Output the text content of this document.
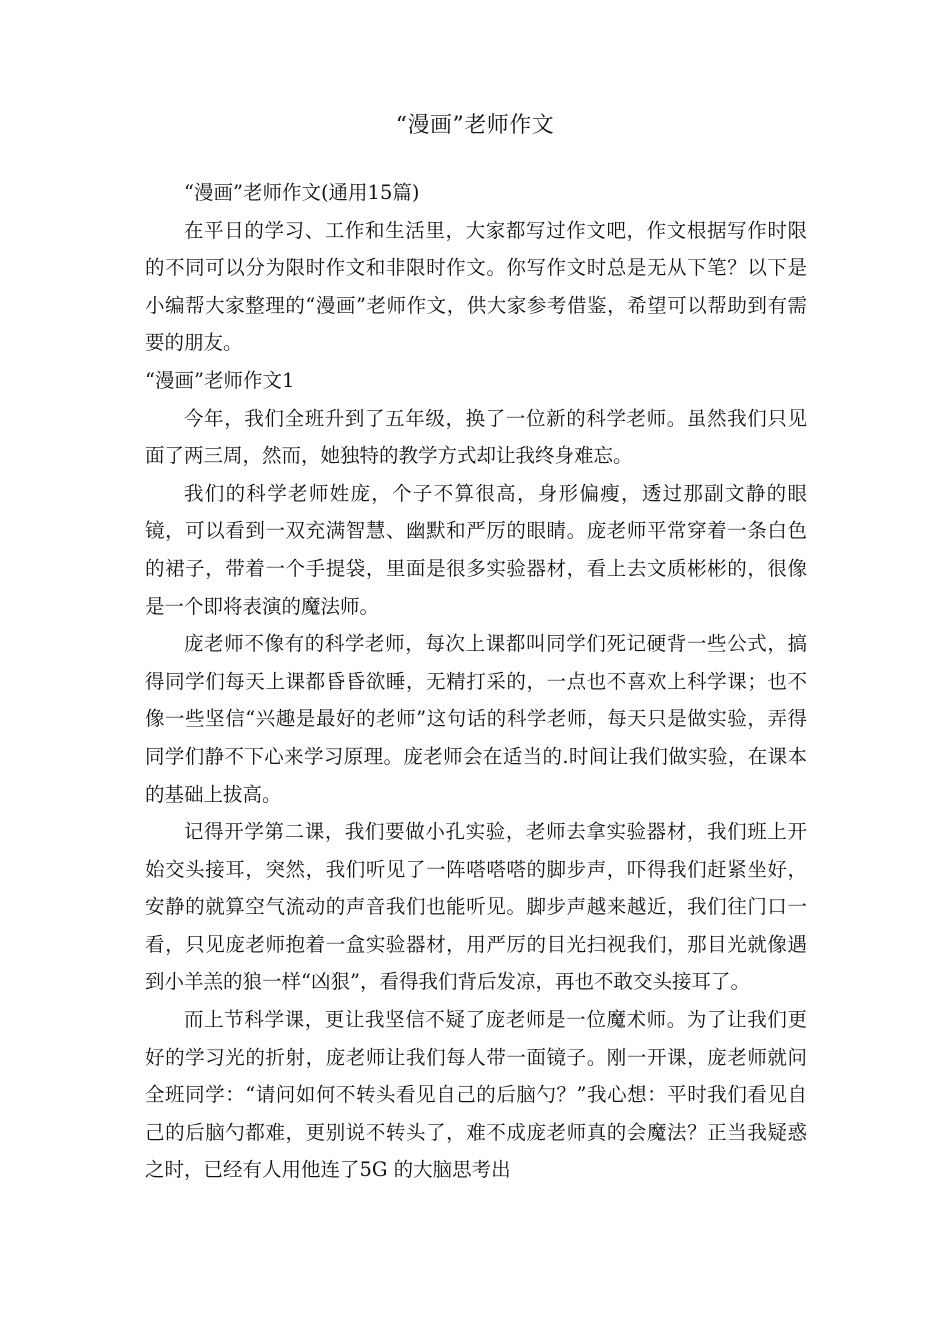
“漫画”老师作文

“漫画”老师作文(通用15篇)

在平日的学习、工作和生活里，大家都写过作文吧，作文根据写作时限的不同可以分为限时作文和非限时作文。你写作文时总是无从下笔？以下是小编帮大家整理的“漫画”老师作文，供大家参考借鉴，希望可以帮助到有需要的朋友。

“漫画”老师作文1

今年，我们全班升到了五年级，换了一位新的科学老师。虽然我们只见面了两三周，然而，她独特的教学方式却让我终身难忘。

我们的科学老师姓庞，个子不算很高，身形偏瘦，透过那副文静的眼镜，可以看到一双充满智慧、幽默和严厉的眼睛。庞老师平常穿着一条白色的裙子，带着一个手提袋，里面是很多实验器材，看上去文质彬彬的，很像是一个即将表演的魔法师。

庞老师不像有的科学老师，每次上课都叫同学们死记硬背一些公式，搞得同学们每天上课都昏昏欲睡，无精打采的，一点也不喜欢上科学课；也不像一些坚信“兴趣是最好的老师”这句话的科学老师，每天只是做实验，弄得同学们静不下心来学习原理。庞老师会在适当的.时间让我们做实验，在课本的基础上拔高。

记得开学第二课，我们要做小孔实验，老师去拿实验器材，我们班上开始交头接耳，突然，我们听见了一阵嗒嗒嗒的脚步声，吓得我们赶紧坐好，安静的就算空气流动的声音我们也能听见。脚步声越来越近，我们往门口一看，只见庞老师抱着一盒实验器材，用严厉的目光扫视我们，那目光就像遇到小羊羔的狼一样“凶狠”，看得我们背后发凉，再也不敢交头接耳了。

而上节科学课，更让我坚信不疑了庞老师是一位魔术师。为了让我们更好的学习光的折射，庞老师让我们每人带一面镜子。刚一开课，庞老师就问全班同学：“请问如何不转头看见自己的后脑勺？”我心想：平时我们看见自己的后脑勺都难，更别说不转头了，难不成庞老师真的会魔法？正当我疑惑之时，已经有人用他连了5G 的大脑思考出
